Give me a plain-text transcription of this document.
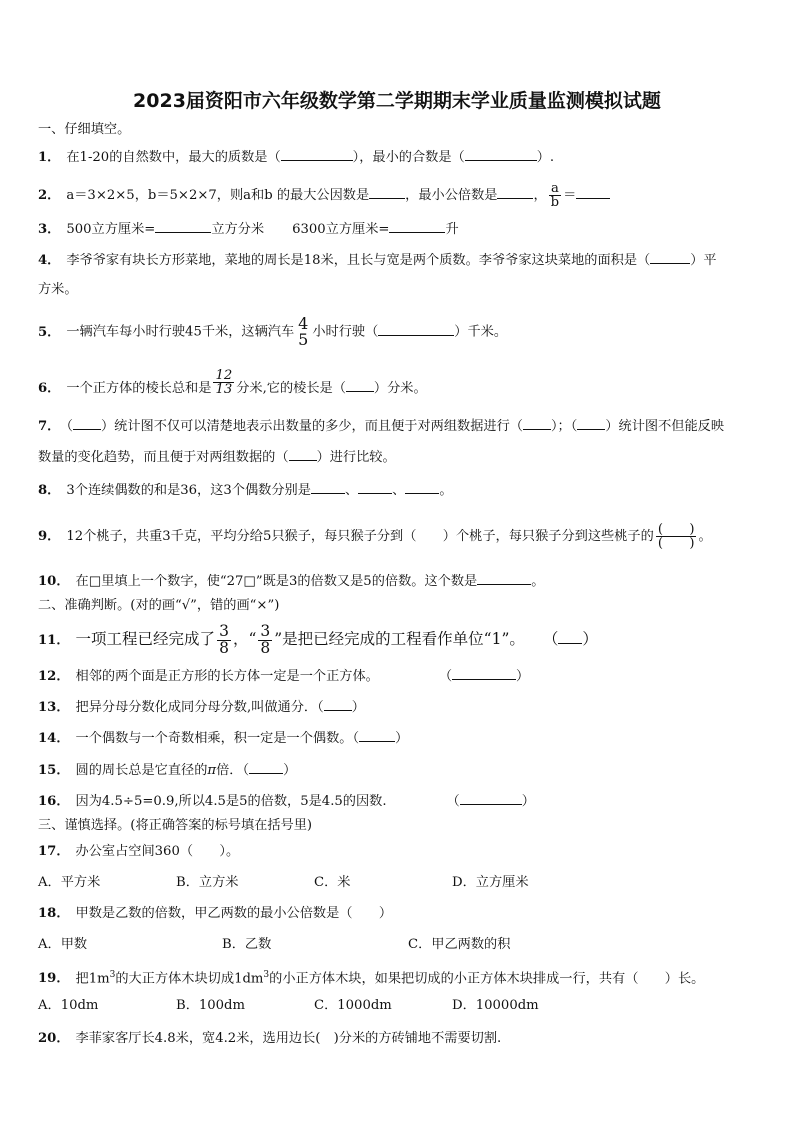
2023届资阳市六年级数学第二学期期末学业质量监测模拟试题
一、仔细填空。
1． 在1-20的自然数中，最大的质数是（	），最小的合数是（	）.
2． a＝3×2×5，b＝5×2×7，则a和b 的最大公因数是	，最小公倍数是	， $\frac{a}{b}$ ＝
3． 500立方厘米=	立方分米 6300立方厘米=	升
4． 李爷爷家有块长方形菜地，菜地的周长是18米，且长与宽是两个质数。李爷爷家这块菜地的面积是（	）平
方米。
5． 一辆汽车每小时行驶45千米，这辆汽车 4
5 小时行驶（	）千米。
6． 一个正方体的棱长总和是 $\frac{12}{13}$ 分米,它的棱长是（ ）分米。
7． （ ）统计图不仅可以清楚地表示出数量的多少，而且便于对两组数据进行（ ）；（ ）统计图不但能反映
数量的变化趋势，而且便于对两组数据的（ ）进行比较。
8． 3个连续偶数的和是36，这3个偶数分别是	、	、	。
9． 12个桃子，共重3千克，平均分给5只猴子，每只猴子分到（　　）个桃子，每只猴子分到这些桃子的 $\frac{( )}{( )}$ 。
10． 在□里填上一个数字，使“27□”既是3的倍数又是5的倍数。这个数是	。
二、准确判断。(对的画“√”，错的画“×”)
11． 一项工程已经完成了 $\frac{3}{8}$ ，“ $\frac{3}{8}$ ”是把已经完成的工程看作单位“1”。 （ ）
12． 相邻的两个面是正方形的长方体一定是一个正方体。	（	）
13． 把异分母分数化成同分母分数,叫做通分．（ ）
14． 一个偶数与一个奇数相乘，积一定是一个偶数。（	）
15． 圆的周长总是它直径的π倍．（	）
16． 因为4.5÷5=0.9,所以4.5是5的倍数，5是4.5的因数.	（	）
三、谨慎选择。(将正确答案的标号填在括号里)
17． 办公室占空间360（　　）。
A．平方米	B．立方米	C．米	D．立方厘米
18． 甲数是乙数的倍数，甲乙两数的最小公倍数是（　　）
A．甲数	B．乙数	C．甲乙两数的积
19． 把$1m^3$的大正方体木块切成$1dm^3$的小正方体木块，如果把切成的小正方体木块排成一行，共有（　　）长。
A．10dm	B．100dm	C．1000dm	D．10000dm
20． 李菲家客厅长4.8米，宽4.2米，选用边长(　)分米的方砖铺地不需要切割.
